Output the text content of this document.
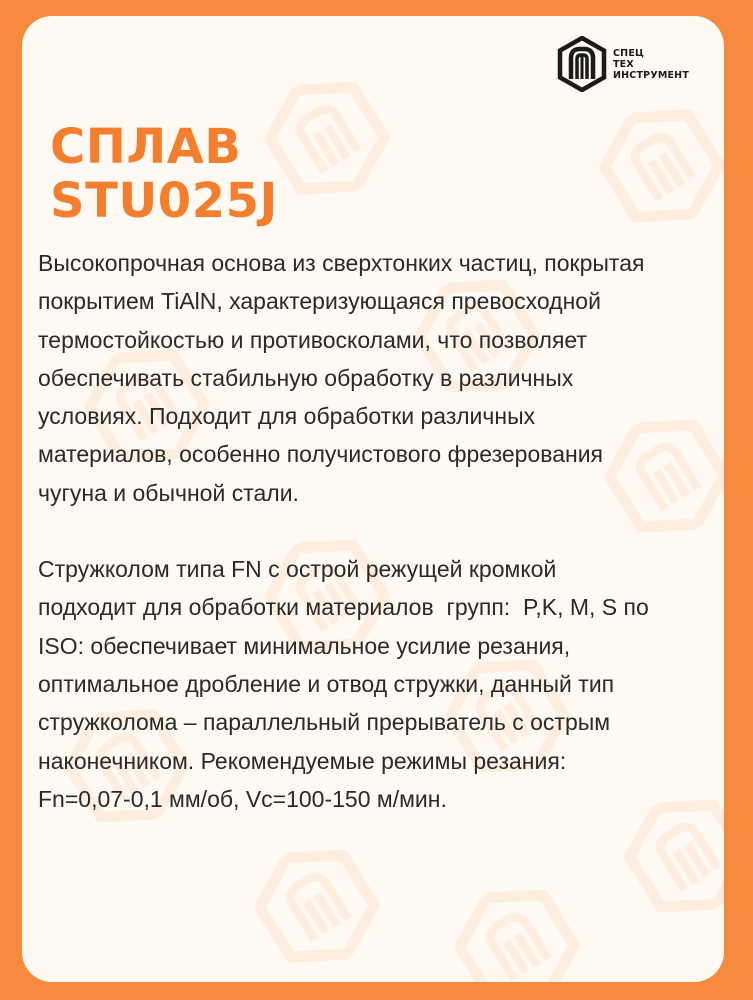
СПЕЦ
ТЕХ
ИНСТРУМЕНТ
СПЛАВ
STU025J

Высокопрочная основа из сверхтонких частиц, покрытая
покрытием TiAlN, характеризующаяся превосходной
термостойкостью и противосколами, что позволяет
обеспечивать стабильную обработку в различных
условиях. Подходит для обработки различных
материалов, особенно получистового фрезерования
чугуна и обычной стали.

Стружколом типа FN с острой режущей кромкой
подходит для обработки материалов  групп:  P,K, M, S по
ISO: обеспечивает минимальное усилие резания,
оптимальное дробление и отвод стружки, данный тип
стружколома – параллельный прерыватель с острым
наконечником. Рекомендуемые режимы резания:
Fn=0,07-0,1 мм/об, Vc=100-150 м/мин.
